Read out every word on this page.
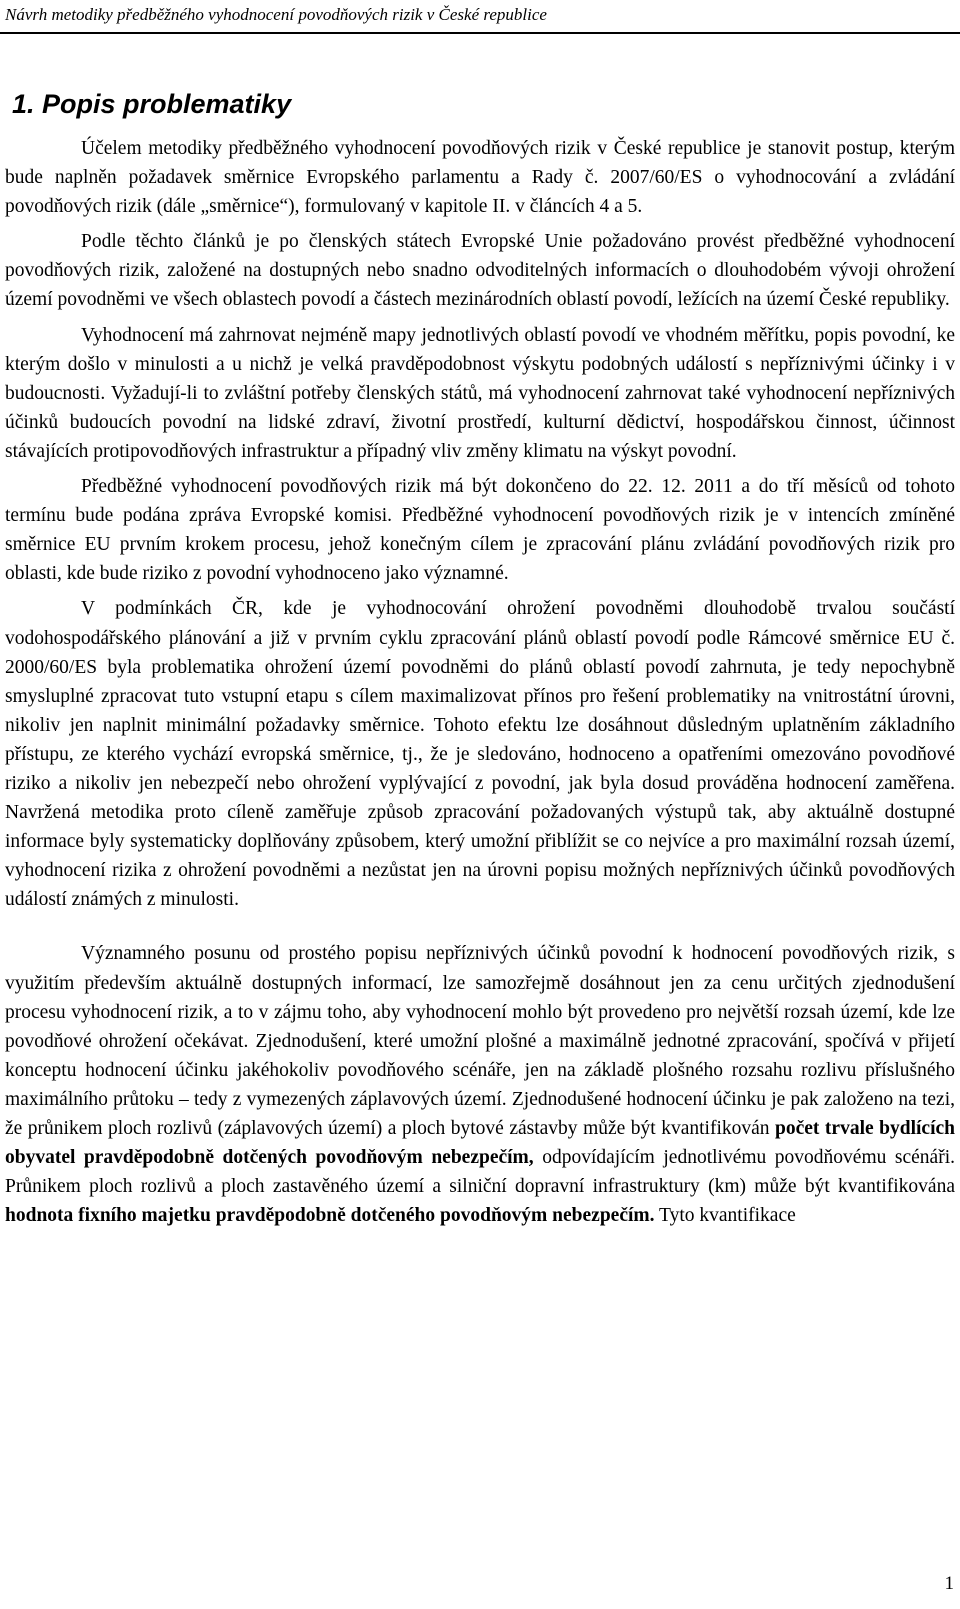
Návrh metodiky předběžného vyhodnocení povodňových rizik v České republice
1. Popis problematiky

Účelem metodiky předběžného vyhodnocení povodňových rizik v České republice je stanovit postup, kterým bude naplněn požadavek směrnice Evropského parlamentu a Rady č. 2007/60/ES o vyhodnocování a zvládání povodňových rizik (dále „směrnice“), formulovaný v kapitole II. v článcích 4 a 5.

Podle těchto článků je po členských státech Evropské Unie požadováno provést předběžné vyhodnocení povodňových rizik, založené na dostupných nebo snadno odvoditelných informacích o dlouhodobém vývoji ohrožení území povodněmi ve všech oblastech povodí a částech mezinárodních oblastí povodí, ležících na území České republiky.

Vyhodnocení má zahrnovat nejméně mapy jednotlivých oblastí povodí ve vhodném měřítku, popis povodní, ke kterým došlo v minulosti a u nichž je velká pravděpodobnost výskytu podobných událostí s nepříznivými účinky i v budoucnosti. Vyžadují-li to zvláštní potřeby členských států, má vyhodnocení zahrnovat také vyhodnocení nepříznivých účinků budoucích povodní na lidské zdraví, životní prostředí, kulturní dědictví, hospodářskou činnost, účinnost stávajících protipovodňových infrastruktur a případný vliv změny klimatu na výskyt povodní.

Předběžné vyhodnocení povodňových rizik má být dokončeno do 22. 12. 2011 a do tří měsíců od tohoto termínu bude podána zpráva Evropské komisi. Předběžné vyhodnocení povodňových rizik je v intencích zmíněné směrnice EU prvním krokem procesu, jehož konečným cílem je zpracování plánu zvládání povodňových rizik pro oblasti, kde bude riziko z povodní vyhodnoceno jako významné.

V podmínkách ČR, kde je vyhodnocování ohrožení povodněmi dlouhodobě trvalou součástí vodohospodářského plánování a již v prvním cyklu zpracování plánů oblastí povodí podle Rámcové směrnice EU č. 2000/60/ES byla problematika ohrožení území povodněmi do plánů oblastí povodí zahrnuta, je tedy nepochybně smysluplné zpracovat tuto vstupní etapu s cílem maximalizovat přínos pro řešení problematiky na vnitrostátní úrovni, nikoliv jen naplnit minimální požadavky směrnice. Tohoto efektu lze dosáhnout důsledným uplatněním základního přístupu, ze kterého vychází evropská směrnice, tj., že je sledováno, hodnoceno a opatřeními omezováno povodňové riziko a nikoliv jen nebezpečí nebo ohrožení vyplývající z povodní, jak byla dosud prováděna hodnocení zaměřena. Navržená metodika proto cíleně zaměřuje způsob zpracování požadovaných výstupů tak, aby aktuálně dostupné informace byly systematicky doplňovány způsobem, který umožní přiblížit se co nejvíce a pro maximální rozsah území, vyhodnocení rizika z ohrožení povodněmi a nezůstat jen na úrovni popisu možných nepříznivých účinků povodňových událostí známých z minulosti.

Významného posunu od prostého popisu nepříznivých účinků povodní k hodnocení povodňových rizik, s využitím především aktuálně dostupných informací, lze samozřejmě dosáhnout jen za cenu určitých zjednodušení procesu vyhodnocení rizik, a to v zájmu toho, aby vyhodnocení mohlo být provedeno pro největší rozsah území, kde lze povodňové ohrožení očekávat. Zjednodušení, které umožní plošné a maximálně jednotné zpracování, spočívá v přijetí konceptu hodnocení účinku jakéhokoliv povodňového scénáře, jen na základě plošného rozsahu rozlivu příslušného maximálního průtoku – tedy z vymezených záplavových území. Zjednodušené hodnocení účinku je pak založeno na tezi, že průnikem ploch rozlivů (záplavových území) a ploch bytové zástavby může být kvantifikován počet trvale bydlících obyvatel pravděpodobně dotčených povodňovým nebezpečím, odpovídajícím jednotlivému povodňovému scénáři. Průnikem ploch rozlivů a ploch zastavěného území a silniční dopravní infrastruktury (km) může být kvantifikována hodnota fixního majetku pravděpodobně dotčeného povodňovým nebezpečím. Tyto kvantifikace

1
